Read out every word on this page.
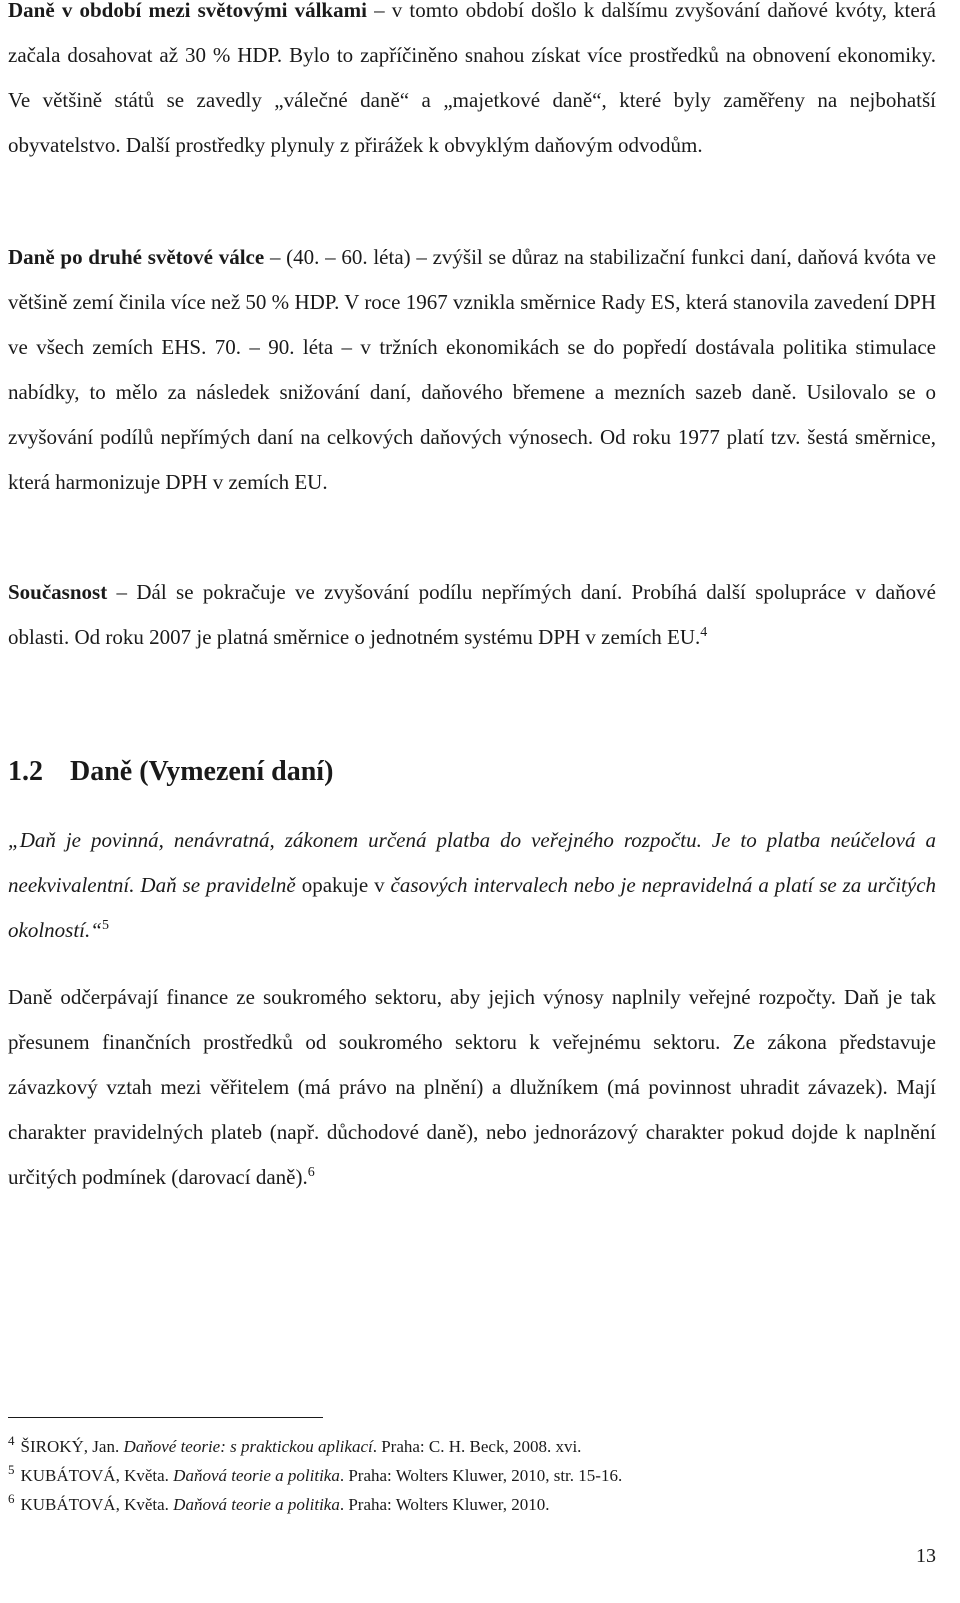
Daně v období mezi světovými válkami – v tomto období došlo k dalšímu zvyšování daňové kvóty, která začala dosahovat až 30 % HDP. Bylo to zapříčiněno snahou získat více prostředků na obnovení ekonomiky. Ve většině států se zavedly „válečné daně“ a „majetkové daně“, které byly zaměřeny na nejbohatší obyvatelstvo. Další prostředky plynuly z přirážek k obvyklým daňovým odvodům.

Daně po druhé světové válce – (40. – 60. léta) – zvýšil se důraz na stabilizační funkci daní, daňová kvóta ve většině zemí činila více než 50 % HDP. V roce 1967 vznikla směrnice Rady ES, která stanovila zavedení DPH ve všech zemích EHS. 70. – 90. léta – v tržních ekonomikách se do popředí dostávala politika stimulace nabídky, to mělo za následek snižování daní, daňového břemene a mezních sazeb daně. Usilovalo se o zvyšování podílů nepřímých daní na celkových daňových výnosech. Od roku 1977 platí tzv. šestá směrnice, která harmonizuje DPH v zemích EU.

Současnost – Dál se pokračuje ve zvyšování podílu nepřímých daní. Probíhá další spolupráce v daňové oblasti. Od roku 2007 je platná směrnice o jednotném systému DPH v zemích EU.$^4$

1.2 Daně (Vymezení daní)

„Daň je povinná, nenávratná, zákonem určená platba do veřejného rozpočtu. Je to platba neúčelová a neekvivalentní. Daň se pravidelně opakuje v časových intervalech nebo je nepravidelná a platí se za určitých okolností.“$^5$

Daně odčerpávají finance ze soukromého sektoru, aby jejich výnosy naplnily veřejné rozpočty. Daň je tak přesunem finančních prostředků od soukromého sektoru k veřejnému sektoru. Ze zákona představuje závazkový vztah mezi věřitelem (má právo na plnění) a dlužníkem (má povinnost uhradit závazek). Mají charakter pravidelných plateb (např. důchodové daně), nebo jednorázový charakter pokud dojde k naplnění určitých podmínek (darovací daně).$^6$

$^4$ ŠIROKÝ, Jan. Daňové teorie: s praktickou aplikací. Praha: C. H. Beck, 2008. xvi.
$^5$ KUBÁTOVÁ, Květa. Daňová teorie a politika. Praha: Wolters Kluwer, 2010, str. 15-16.
$^6$ KUBÁTOVÁ, Květa. Daňová teorie a politika. Praha: Wolters Kluwer, 2010.
13
